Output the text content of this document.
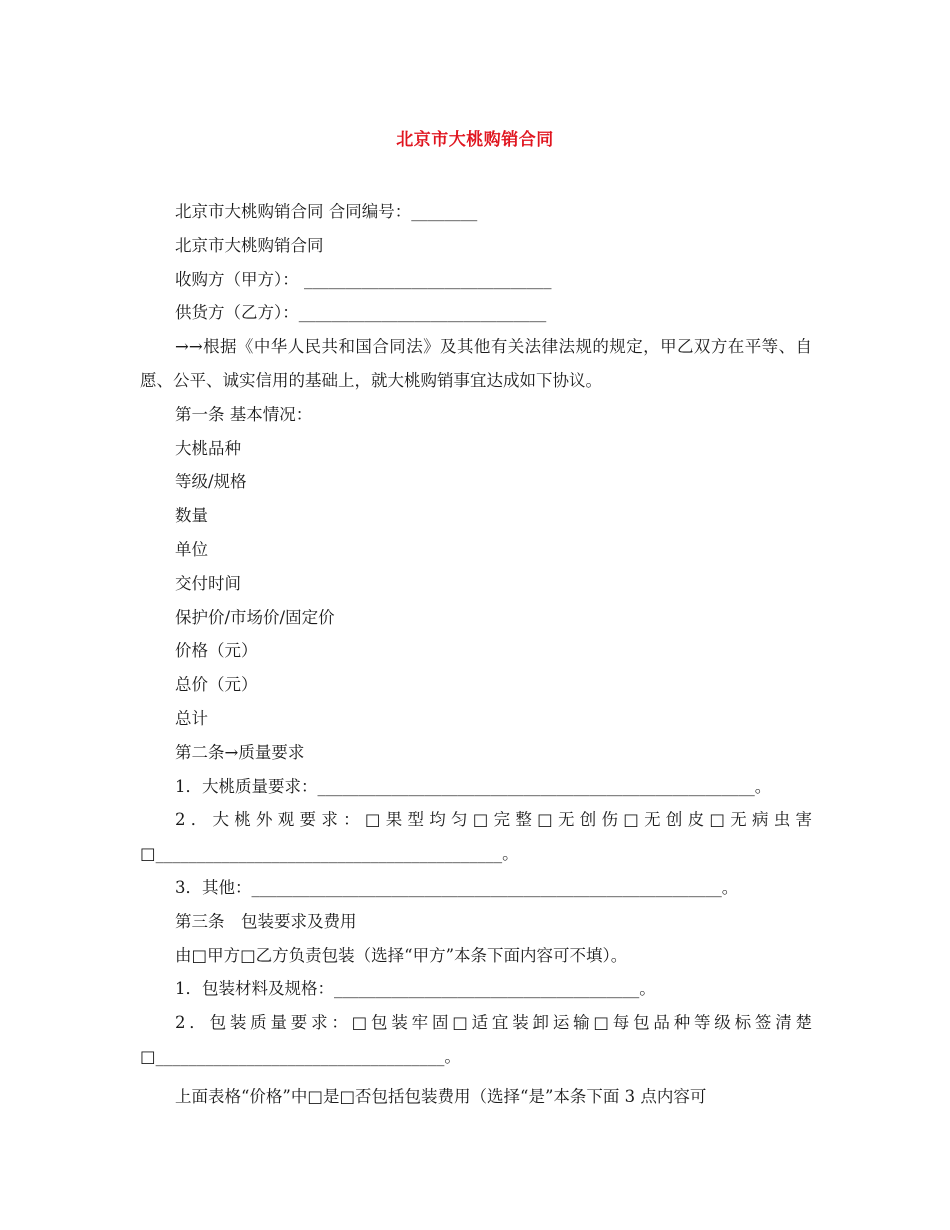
北京市大桃购销合同

北京市大桃购销合同 合同编号：________

北京市大桃购销合同

收购方（甲方）： ______________________________

供货方（乙方）：______________________________

→→根据《中华人民共和国合同法》及其他有关法律法规的规定，甲乙双方在平等、自愿、公平、诚实信用的基础上，就大桃购销事宜达成如下协议。

第一条 基本情况：

大桃品种

等级/规格

数量

单位

交付时间

保护价/市场价/固定价

价格（元）

总价（元）

总计

第二条→质量要求

1．大桃质量要求：_____________________________________________________。

2．大桃外观要求：□果型均匀□完整□无创伤□无创皮□无病虫害□__________________________________________。

3．其他：_________________________________________________________。

第三条　包装要求及费用

由□甲方□乙方负责包装（选择“甲方”本条下面内容可不填）。

1．包装材料及规格：_____________________________________。

2．包装质量要求：□包装牢固□适宜装卸运输□每包品种等级标签清楚□___________________________________。

上面表格“价格”中□是□否包括包装费用（选择“是”本条下面 3 点内容可
